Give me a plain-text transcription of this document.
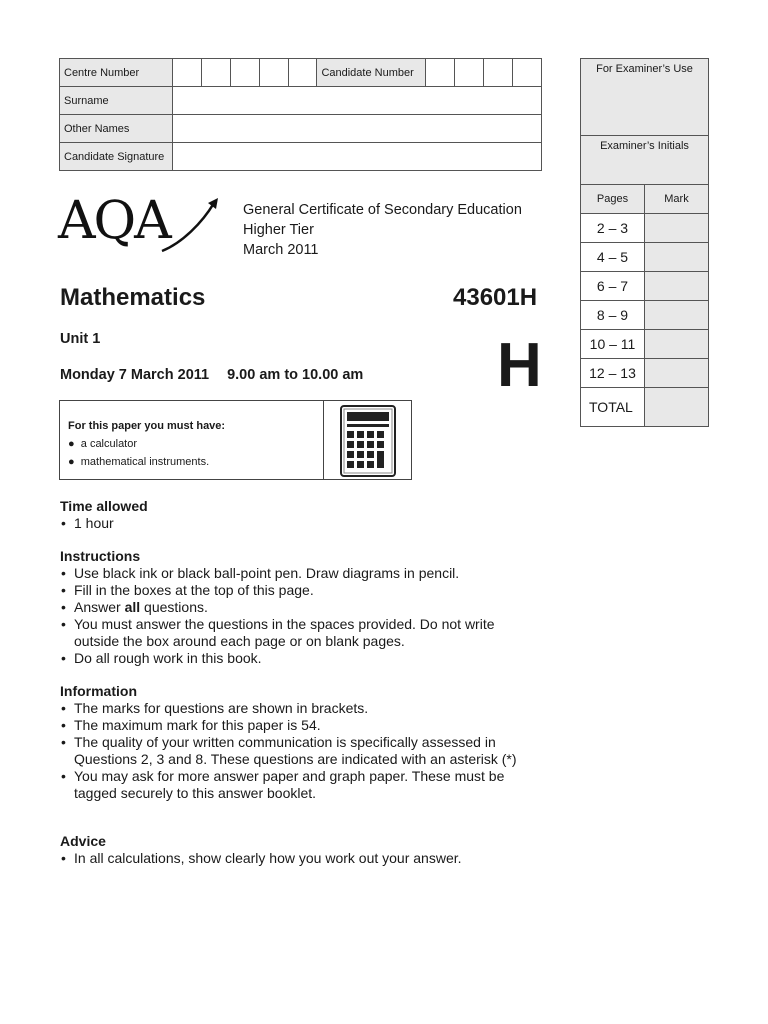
Centre Number						Candidate Number				
Surname										
Other Names										
Candidate Signature										
For Examiner’s Use	
Examiner’s Initials	
Pages	Mark
2 – 3	
4 – 5	
6 – 7	
8 – 9	
10 – 11	
12 – 13	
TOTAL	
AQA	General Certificate of Secondary Education
Higher Tier
March 2011
Mathematics	43601H
Unit 1
Monday 7 March 2011 9.00 am to 10.00 am H
For this paper you must have:
●  a calculator
●  mathematical instruments.
Time allowed
• 1 hour
Instructions
• Use black ink or black ball-point pen. Draw diagrams in pencil.
• Fill in the boxes at the top of this page.
• Answer all questions.
• You must answer the questions in the spaces provided. Do not write outside the box around each page or on blank pages.
• Do all rough work in this book.
Information
• The marks for questions are shown in brackets.
• The maximum mark for this paper is 54.
• The quality of your written communication is specifically assessed in Questions 2, 3 and 8. These questions are indicated with an asterisk (*)
• You may ask for more answer paper and graph paper. These must be tagged securely to this answer booklet.
Advice
• In all calculations, show clearly how you work out your answer.
